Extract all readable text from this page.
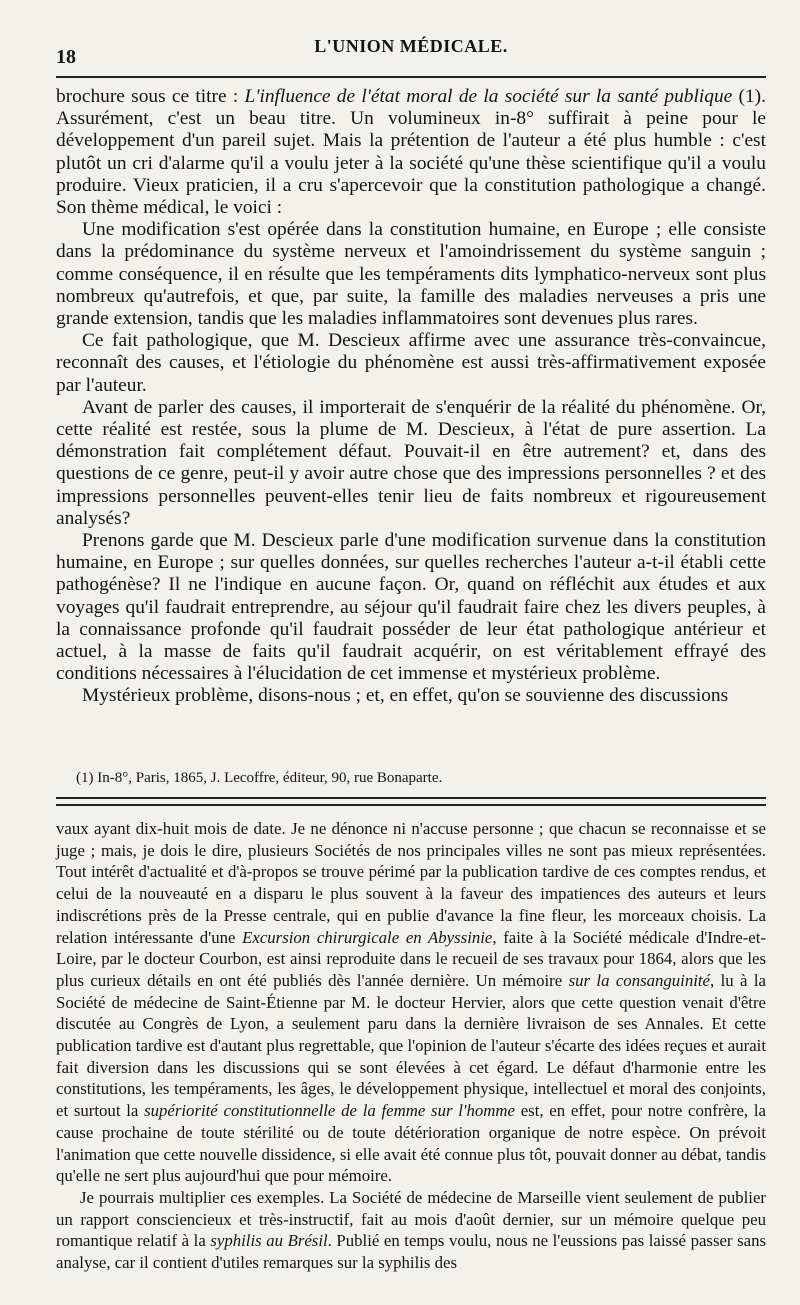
18	L'UNION MÉDICALE.

brochure sous ce titre : L'influence de l'état moral de la société sur la santé publique (1). Assurément, c'est un beau titre. Un volumineux in-8° suffirait à peine pour le développement d'un pareil sujet. Mais la prétention de l'auteur a été plus humble : c'est plutôt un cri d'alarme qu'il a voulu jeter à la société qu'une thèse scientifique qu'il a voulu produire. Vieux praticien, il a cru s'apercevoir que la constitution pathologique a changé. Son thème médical, le voici :

Une modification s'est opérée dans la constitution humaine, en Europe ; elle consiste dans la prédominance du système nerveux et l'amoindrissement du système sanguin ; comme conséquence, il en résulte que les tempéraments dits lymphatico-nerveux sont plus nombreux qu'autrefois, et que, par suite, la famille des maladies nerveuses a pris une grande extension, tandis que les maladies inflammatoires sont devenues plus rares.

Ce fait pathologique, que M. Descieux affirme avec une assurance très-convaincue, reconnaît des causes, et l'étiologie du phénomène est aussi très-affirmativement exposée par l'auteur.

Avant de parler des causes, il importerait de s'enquérir de la réalité du phénomène. Or, cette réalité est restée, sous la plume de M. Descieux, à l'état de pure assertion. La démonstration fait complétement défaut. Pouvait-il en être autrement? et, dans des questions de ce genre, peut-il y avoir autre chose que des impressions personnelles ? et des impressions personnelles peuvent-elles tenir lieu de faits nombreux et rigoureusement analysés?

Prenons garde que M. Descieux parle d'une modification survenue dans la constitution humaine, en Europe ; sur quelles données, sur quelles recherches l'auteur a-t-il établi cette pathogénèse? Il ne l'indique en aucune façon. Or, quand on réfléchit aux études et aux voyages qu'il faudrait entreprendre, au séjour qu'il faudrait faire chez les divers peuples, à la connaissance profonde qu'il faudrait posséder de leur état pathologique antérieur et actuel, à la masse de faits qu'il faudrait acquérir, on est véritablement effrayé des conditions nécessaires à l'élucidation de cet immense et mystérieux problème.

Mystérieux problème, disons-nous ; et, en effet, qu'on se souvienne des discussions

(1) In-8°, Paris, 1865, J. Lecoffre, éditeur, 90, rue Bonaparte.

vaux ayant dix-huit mois de date. Je ne dénonce ni n'accuse personne ; que chacun se reconnaisse et se juge ; mais, je dois le dire, plusieurs Sociétés de nos principales villes ne sont pas mieux représentées. Tout intérêt d'actualité et d'à-propos se trouve périmé par la publication tardive de ces comptes rendus, et celui de la nouveauté en a disparu le plus souvent à la faveur des impatiences des auteurs et leurs indiscrétions près de la Presse centrale, qui en publie d'avance la fine fleur, les morceaux choisis. La relation intéressante d'une Excursion chirurgicale en Abyssinie, faite à la Société médicale d'Indre-et-Loire, par le docteur Courbon, est ainsi reproduite dans le recueil de ses travaux pour 1864, alors que les plus curieux détails en ont été publiés dès l'année dernière. Un mémoire sur la consanguinité, lu à la Société de médecine de Saint-Étienne par M. le docteur Hervier, alors que cette question venait d'être discutée au Congrès de Lyon, a seulement paru dans la dernière livraison de ses Annales. Et cette publication tardive est d'autant plus regrettable, que l'opinion de l'auteur s'écarte des idées reçues et aurait fait diversion dans les discussions qui se sont élevées à cet égard. Le défaut d'harmonie entre les constitutions, les tempéraments, les âges, le développement physique, intellectuel et moral des conjoints, et surtout la supériorité constitutionnelle de la femme sur l'homme est, en effet, pour notre confrère, la cause prochaine de toute stérilité ou de toute détérioration organique de notre espèce. On prévoit l'animation que cette nouvelle dissidence, si elle avait été connue plus tôt, pouvait donner au débat, tandis qu'elle ne sert plus aujourd'hui que pour mémoire.

Je pourrais multiplier ces exemples. La Société de médecine de Marseille vient seulement de publier un rapport consciencieux et très-instructif, fait au mois d'août dernier, sur un mémoire quelque peu romantique relatif à la syphilis au Brésil. Publié en temps voulu, nous ne l'eussions pas laissé passer sans analyse, car il contient d'utiles remarques sur la syphilis des
